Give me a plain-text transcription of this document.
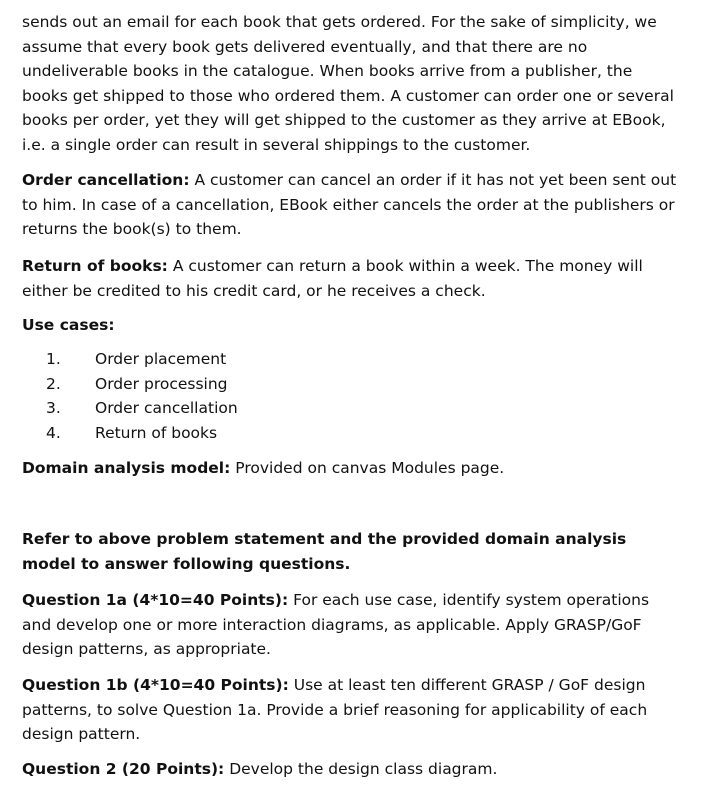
sends out an email for each book that gets ordered. For the sake of simplicity, we assume that every book gets delivered eventually, and that there are no undeliverable books in the catalogue. When books arrive from a publisher, the books get shipped to those who ordered them. A customer can order one or several books per order, yet they will get shipped to the customer as they arrive at EBook, i.e. a single order can result in several shippings to the customer.

Order cancellation: A customer can cancel an order if it has not yet been sent out to him. In case of a cancellation, EBook either cancels the order at the publishers or returns the book(s) to them.

Return of books: A customer can return a book within a week. The money will either be credited to his credit card, or he receives a check.

Use cases:

1. Order placement
2. Order processing
3. Order cancellation
4. Return of books

Domain analysis model: Provided on canvas Modules page.

Refer to above problem statement and the provided domain analysis model to answer following questions.

Question 1a (4*10=40 Points): For each use case, identify system operations and develop one or more interaction diagrams, as applicable. Apply GRASP/GoF design patterns, as appropriate.

Question 1b (4*10=40 Points): Use at least ten different GRASP / GoF design patterns, to solve Question 1a. Provide a brief reasoning for applicability of each design pattern.

Question 2 (20 Points): Develop the design class diagram.
